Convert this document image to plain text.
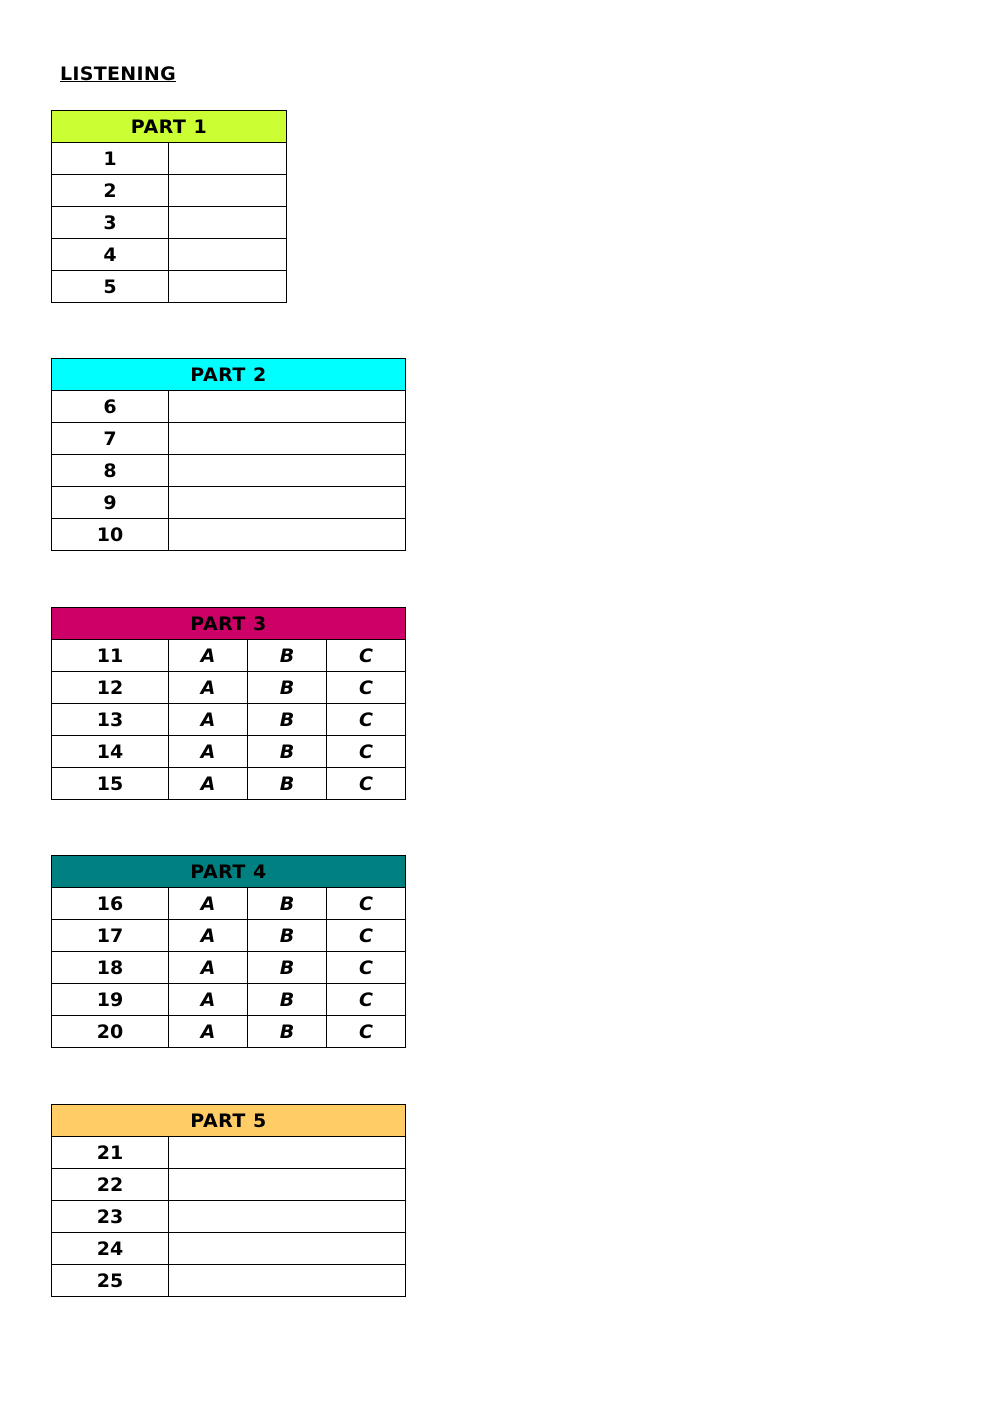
LISTENING
PART 1	
1	
2	
3	
4	
5	
PART 2	
6	
7	
8	
9	
10	
PART 3			
11	A	B	C
12	A	B	C
13	A	B	C
14	A	B	C
15	A	B	C
PART 4			
16	A	B	C
17	A	B	C
18	A	B	C
19	A	B	C
20	A	B	C
PART 5	
21	
22	
23	
24	
25	
